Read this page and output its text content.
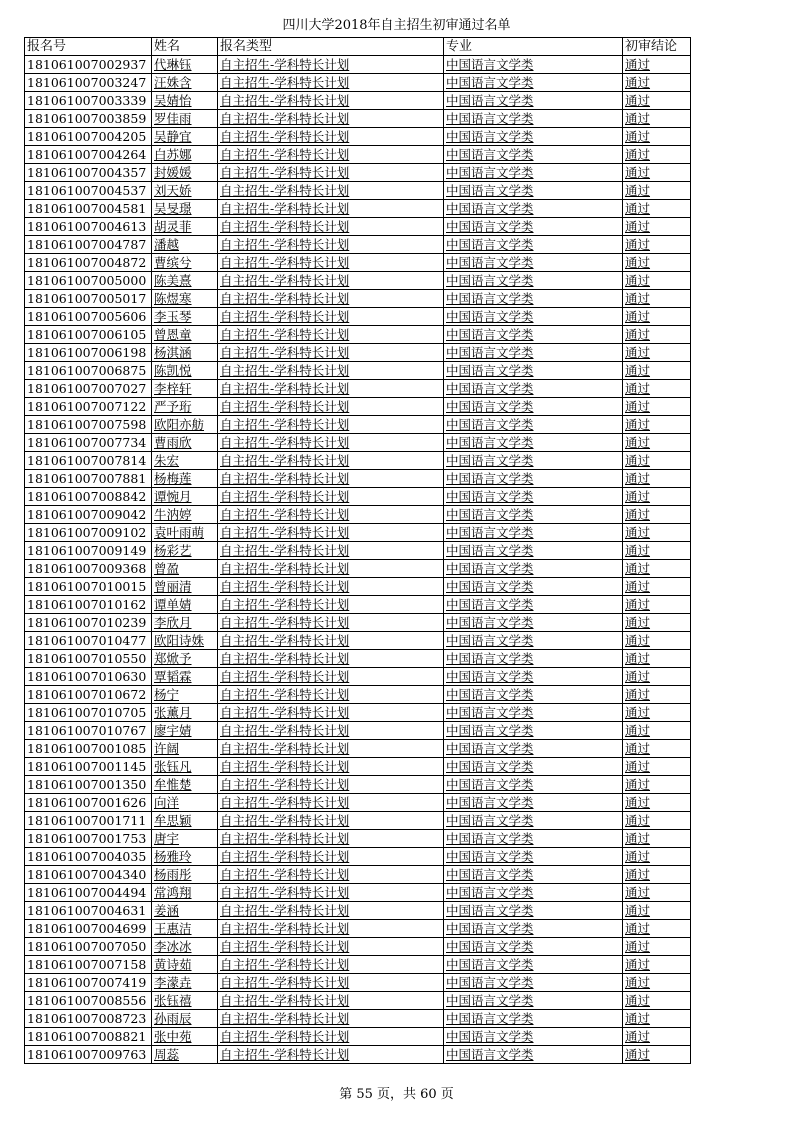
四川大学2018年自主招生初审通过名单
报名号	姓名	报名类型	专业	初审结论
181061007002937	代琳钰	自主招生-学科特长计划	中国语言文学类	通过
181061007003247	汪姝含	自主招生-学科特长计划	中国语言文学类	通过
181061007003339	吴婧怡	自主招生-学科特长计划	中国语言文学类	通过
181061007003859	罗佳雨	自主招生-学科特长计划	中国语言文学类	通过
181061007004205	吴静宜	自主招生-学科特长计划	中国语言文学类	通过
181061007004264	白苏娜	自主招生-学科特长计划	中国语言文学类	通过
181061007004357	封媛媛	自主招生-学科特长计划	中国语言文学类	通过
181061007004537	刘天娇	自主招生-学科特长计划	中国语言文学类	通过
181061007004581	吴旻璟	自主招生-学科特长计划	中国语言文学类	通过
181061007004613	胡灵菲	自主招生-学科特长计划	中国语言文学类	通过
181061007004787	潘越	自主招生-学科特长计划	中国语言文学类	通过
181061007004872	曹缤兮	自主招生-学科特长计划	中国语言文学类	通过
181061007005000	陈美熹	自主招生-学科特长计划	中国语言文学类	通过
181061007005017	陈煜寒	自主招生-学科特长计划	中国语言文学类	通过
181061007005606	李玉琴	自主招生-学科特长计划	中国语言文学类	通过
181061007006105	曾恩童	自主招生-学科特长计划	中国语言文学类	通过
181061007006198	杨淇涵	自主招生-学科特长计划	中国语言文学类	通过
181061007006875	陈凯悦	自主招生-学科特长计划	中国语言文学类	通过
181061007007027	李梓轩	自主招生-学科特长计划	中国语言文学类	通过
181061007007122	严予珩	自主招生-学科特长计划	中国语言文学类	通过
181061007007598	欧阳亦舫	自主招生-学科特长计划	中国语言文学类	通过
181061007007734	曹雨欣	自主招生-学科特长计划	中国语言文学类	通过
181061007007814	朱宏	自主招生-学科特长计划	中国语言文学类	通过
181061007007881	杨梅莲	自主招生-学科特长计划	中国语言文学类	通过
181061007008842	谭惋月	自主招生-学科特长计划	中国语言文学类	通过
181061007009042	牛汭婷	自主招生-学科特长计划	中国语言文学类	通过
181061007009102	袁叶雨萌	自主招生-学科特长计划	中国语言文学类	通过
181061007009149	杨彩艺	自主招生-学科特长计划	中国语言文学类	通过
181061007009368	曾盈	自主招生-学科特长计划	中国语言文学类	通过
181061007010015	曾丽清	自主招生-学科特长计划	中国语言文学类	通过
181061007010162	谭单婧	自主招生-学科特长计划	中国语言文学类	通过
181061007010239	李欣月	自主招生-学科特长计划	中国语言文学类	通过
181061007010477	欧阳诗姝	自主招生-学科特长计划	中国语言文学类	通过
181061007010550	郑焮予	自主招生-学科特长计划	中国语言文学类	通过
181061007010630	覃韬霖	自主招生-学科特长计划	中国语言文学类	通过
181061007010672	杨宁	自主招生-学科特长计划	中国语言文学类	通过
181061007010705	张薰月	自主招生-学科特长计划	中国语言文学类	通过
181061007010767	廖宇婧	自主招生-学科特长计划	中国语言文学类	通过
181061007001085	许阔	自主招生-学科特长计划	中国语言文学类	通过
181061007001145	张钰凡	自主招生-学科特长计划	中国语言文学类	通过
181061007001350	牟惟楚	自主招生-学科特长计划	中国语言文学类	通过
181061007001626	向洋	自主招生-学科特长计划	中国语言文学类	通过
181061007001711	牟思颖	自主招生-学科特长计划	中国语言文学类	通过
181061007001753	唐宇	自主招生-学科特长计划	中国语言文学类	通过
181061007004035	杨雅玲	自主招生-学科特长计划	中国语言文学类	通过
181061007004340	杨雨彤	自主招生-学科特长计划	中国语言文学类	通过
181061007004494	常鸿翔	自主招生-学科特长计划	中国语言文学类	通过
181061007004631	姜涵	自主招生-学科特长计划	中国语言文学类	通过
181061007004699	王惠洁	自主招生-学科特长计划	中国语言文学类	通过
181061007007050	李冰冰	自主招生-学科特长计划	中国语言文学类	通过
181061007007158	黄诗茹	自主招生-学科特长计划	中国语言文学类	通过
181061007007419	李濛垚	自主招生-学科特长计划	中国语言文学类	通过
181061007008556	张钰禧	自主招生-学科特长计划	中国语言文学类	通过
181061007008723	孙雨辰	自主招生-学科特长计划	中国语言文学类	通过
181061007008821	张中苑	自主招生-学科特长计划	中国语言文学类	通过
181061007009763	周蕊	自主招生-学科特长计划	中国语言文学类	通过
第 55 页，共 60 页
